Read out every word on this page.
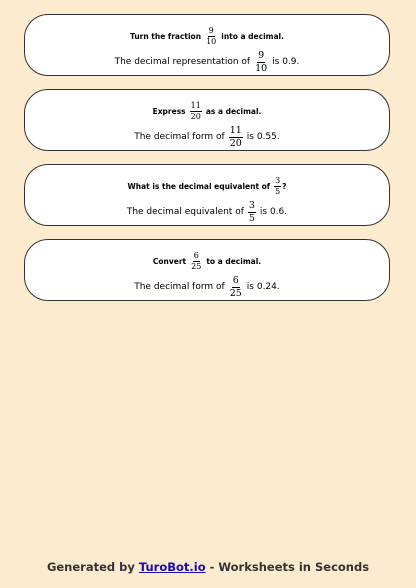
Turn the fraction $\frac{9}{10}$ into a decimal.
The decimal representation of $\frac{9}{10}$ is 0.9.
Express $\frac{11}{20}$ as a decimal.
The decimal form of $\frac{11}{20}$ is 0.55.
What is the decimal equivalent of $\frac{3}{5}$ ?
The decimal equivalent of $\frac{3}{5}$ is 0.6.
Convert $\frac{6}{25}$ to a decimal.
The decimal form of $\frac{6}{25}$ is 0.24.
Generated by TuroBot.io - Worksheets in Seconds
